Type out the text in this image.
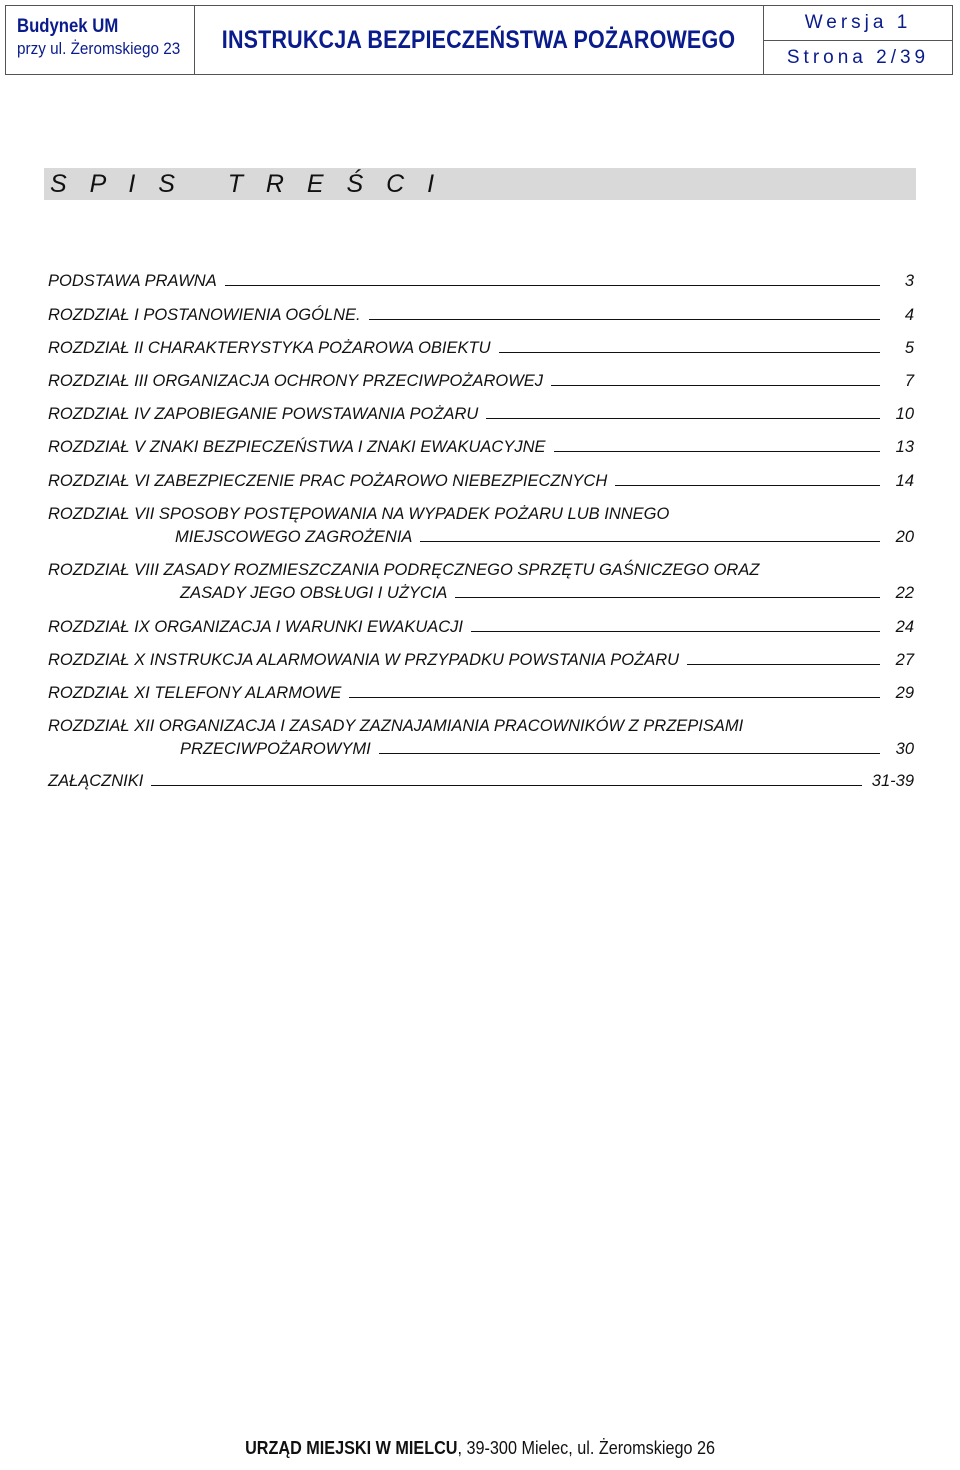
Budynek UM
przy ul. Żeromskiego 23 INSTRUKCJA BEZPIECZEŃSTWA POŻAROWEGO
Wersja 1
Strona 2/39
S P I S   T R E Ś C I
PODSTAWA PRAWNA	3
ROZDZIAŁ I POSTANOWIENIA OGÓLNE.	4
ROZDZIAŁ II CHARAKTERYSTYKA POŻAROWA OBIEKTU	5
ROZDZIAŁ III ORGANIZACJA OCHRONY PRZECIWPOŻAROWEJ	7
ROZDZIAŁ IV ZAPOBIEGANIE POWSTAWANIA POŻARU	10
ROZDZIAŁ V ZNAKI BEZPIECZEŃSTWA I ZNAKI EWAKUACYJNE	13
ROZDZIAŁ VI ZABEZPIECZENIE PRAC POŻAROWO NIEBEZPIECZNYCH	14
ROZDZIAŁ VII SPOSOBY POSTĘPOWANIA NA WYPADEK POŻARU LUB INNEGO
MIEJSCOWEGO ZAGROŻENIA	20
ROZDZIAŁ VIII ZASADY ROZMIESZCZANIA PODRĘCZNEGO SPRZĘTU GAŚNICZEGO ORAZ
ZASADY JEGO OBSŁUGI I UŻYCIA	22
ROZDZIAŁ IX ORGANIZACJA I WARUNKI EWAKUACJI	24
ROZDZIAŁ X INSTRUKCJA ALARMOWANIA W PRZYPADKU POWSTANIA POŻARU	27
ROZDZIAŁ XI TELEFONY ALARMOWE	29
ROZDZIAŁ XII ORGANIZACJA I ZASADY ZAZNAJAMIANIA PRACOWNIKÓW Z PRZEPISAMI
PRZECIWPOŻAROWYMI	30
ZAŁĄCZNIKI	31-39
URZĄD MIEJSKI W MIELCU, 39-300 Mielec, ul. Żeromskiego 26
